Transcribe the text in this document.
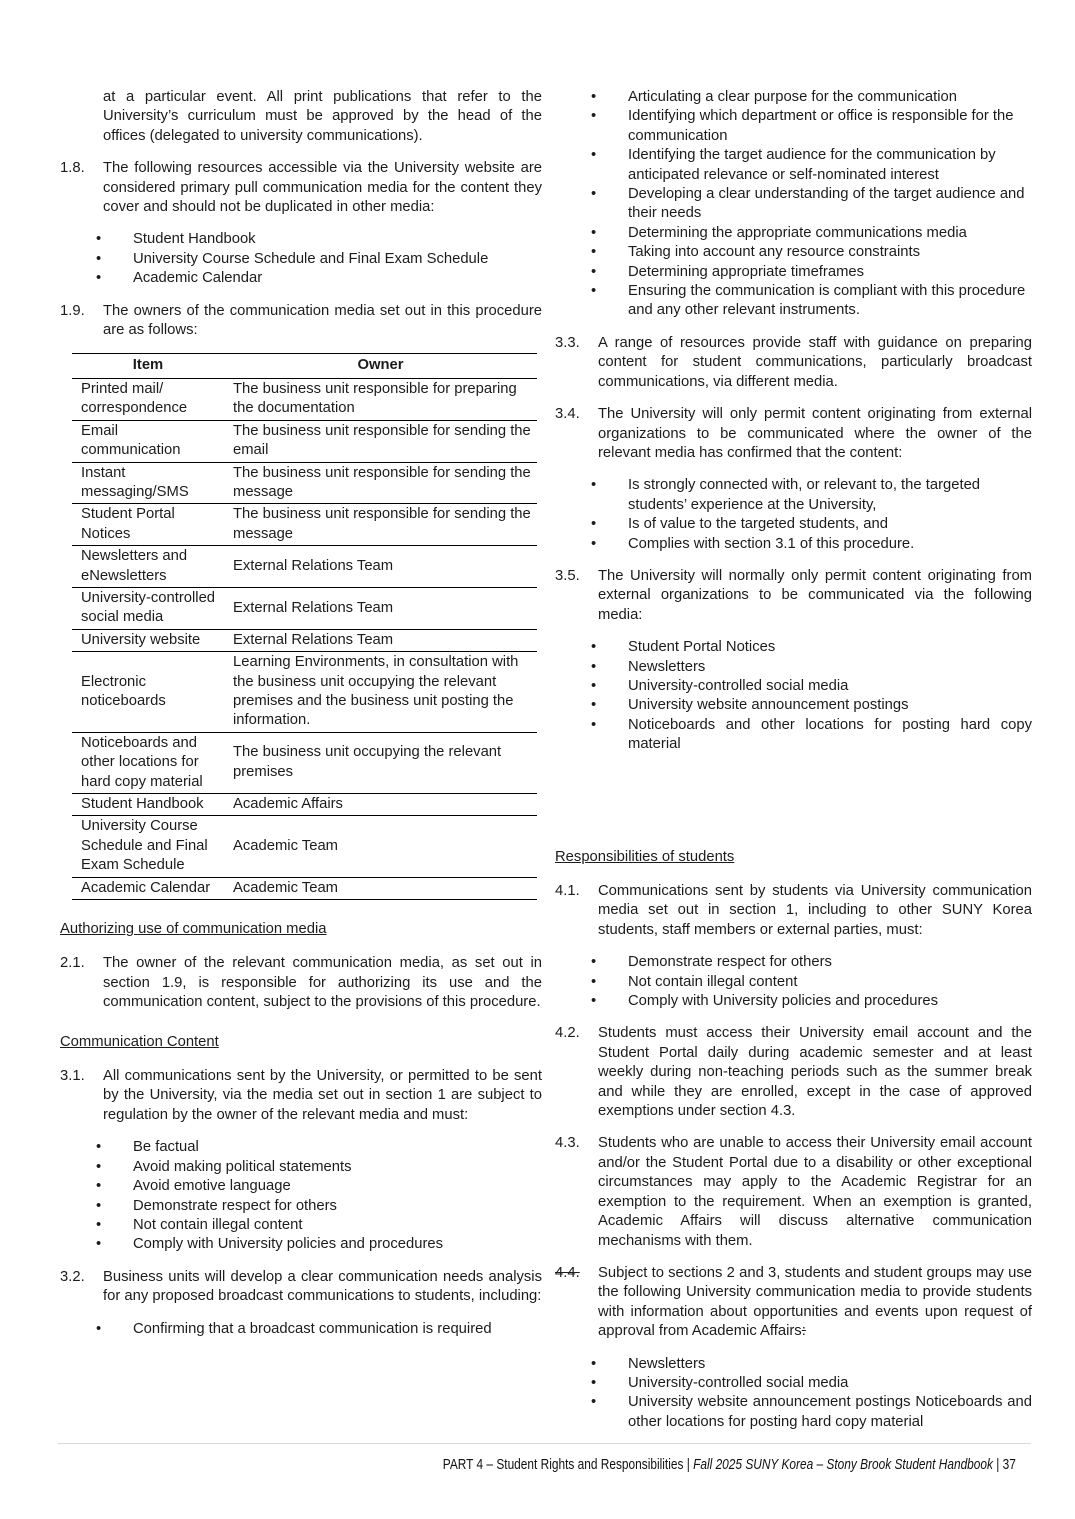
at a particular event. All print publications that refer to the University’s curriculum must be approved by the head of the offices (delegated to university communications).
1.8.	The following resources accessible via the University website are considered primary pull communication media for the content they cover and should not be duplicated in other media:
• Student Handbook
• University Course Schedule and Final Exam Schedule
• Academic Calendar
1.9.	The owners of the communication media set out in this procedure are as follows:
Item	Owner
Printed mail/ correspondence	The business unit responsible for preparing the documentation
Email communication	The business unit responsible for sending the email
Instant messaging/SMS	The business unit responsible for sending the message
Student Portal Notices	The business unit responsible for sending the message
Newsletters and eNewsletters	External Relations Team
University-controlled social media	External Relations Team
University website	External Relations Team
Electronic noticeboards	Learning Environments, in consultation with the business unit occupying the relevant premises and the business unit posting the information.
Noticeboards and other locations for hard copy material	The business unit occupying the relevant premises
Student Handbook	Academic Affairs
University Course Schedule and Final Exam Schedule	Academic Team
Academic Calendar	Academic Team
Authorizing use of communication media
2.1.	The owner of the relevant communication media, as set out in section 1.9, is responsible for authorizing its use and the communication content, subject to the provisions of this procedure.
Communication Content
3.1.	All communications sent by the University, or permitted to be sent by the University, via the media set out in section 1 are subject to regulation by the owner of the relevant media and must:
• Be factual
• Avoid making political statements
• Avoid emotive language
• Demonstrate respect for others
• Not contain illegal content
• Comply with University policies and procedures
3.2.	Business units will develop a clear communication needs analysis for any proposed broadcast communications to students, including:
• Confirming that a broadcast communication is required
• Articulating a clear purpose for the communication
• Identifying which department or office is responsible for the communication
• Identifying the target audience for the communication by anticipated relevance or self-nominated interest
• Developing a clear understanding of the target audience and their needs
• Determining the appropriate communications media
• Taking into account any resource constraints
• Determining appropriate timeframes
• Ensuring the communication is compliant with this procedure and any other relevant instruments.
3.3.	A range of resources provide staff with guidance on preparing content for student communications, particularly broadcast communications, via different media.
3.4.	The University will only permit content originating from external organizations to be communicated where the owner of the relevant media has confirmed that the content:
• Is strongly connected with, or relevant to, the targeted students’ experience at the University,
• Is of value to the targeted students, and
• Complies with section 3.1 of this procedure.
3.5.	The University will normally only permit content originating from external organizations to be communicated via the following media:
• Student Portal Notices
• Newsletters
• University-controlled social media
• University website announcement postings
• Noticeboards and other locations for posting hard copy material
Responsibilities of students
4.1.	Communications sent by students via University communication media set out in section 1, including to other SUNY Korea students, staff members or external parties, must:
• Demonstrate respect for others
• Not contain illegal content
• Comply with University policies and procedures
4.2.	Students must access their University email account and the Student Portal daily during academic semester and at least weekly during non-teaching periods such as the summer break and while they are enrolled, except in the case of approved exemptions under section 4.3.
4.3.	Students who are unable to access their University email account and/or the Student Portal due to a disability or other exceptional circumstances may apply to the Academic Registrar for an exemption to the requirement. When an exemption is granted, Academic Affairs will discuss alternative communication mechanisms with them.
4.4.	Subject to sections 2 and 3, students and student groups may use the following University communication media to provide students with information about opportunities and events upon request of approval from Academic Affairs:
• Newsletters
• University-controlled social media
• University website announcement postings Noticeboards and other locations for posting hard copy material
PART 4 – Student Rights and Responsibilities | Fall 2025 SUNY Korea – Stony Brook Student Handbook | 37
